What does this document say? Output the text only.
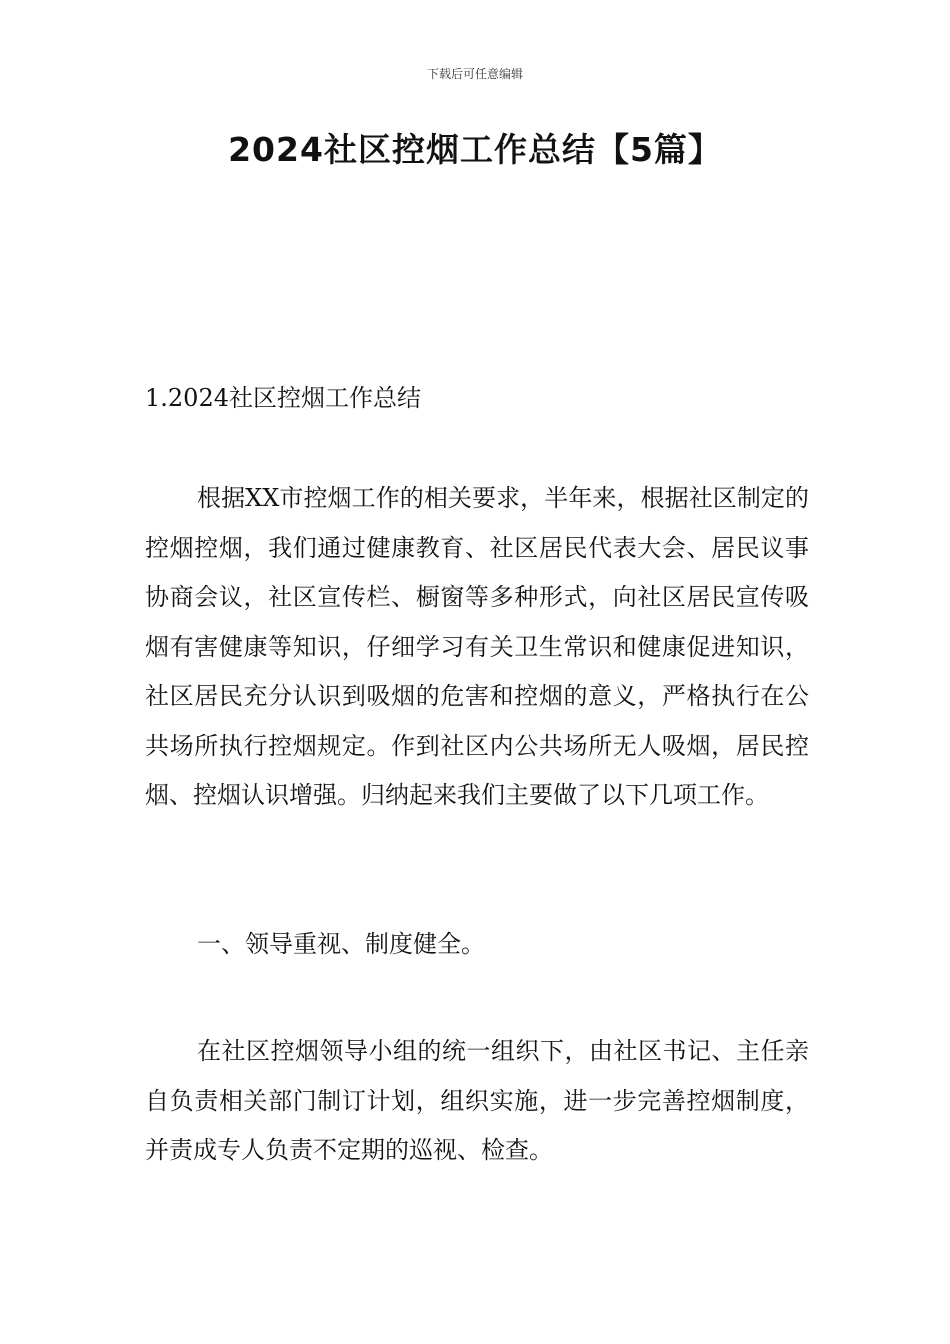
下载后可任意编辑
2024社区控烟工作总结【5篇】
1.2024社区控烟工作总结
根据XX市控烟工作的相关要求，半年来，根据社区制定的控烟控烟，我们通过健康教育、社区居民代表大会、居民议事协商会议，社区宣传栏、橱窗等多种形式，向社区居民宣传吸烟有害健康等知识，仔细学习有关卫生常识和健康促进知识，社区居民充分认识到吸烟的危害和控烟的意义，严格执行在公共场所执行控烟规定。作到社区内公共场所无人吸烟，居民控烟、控烟认识增强。归纳起来我们主要做了以下几项工作。
一、领导重视、制度健全。
在社区控烟领导小组的统一组织下，由社区书记、主任亲自负责相关部门制订计划，组织实施，进一步完善控烟制度，并责成专人负责不定期的巡视、检查。
